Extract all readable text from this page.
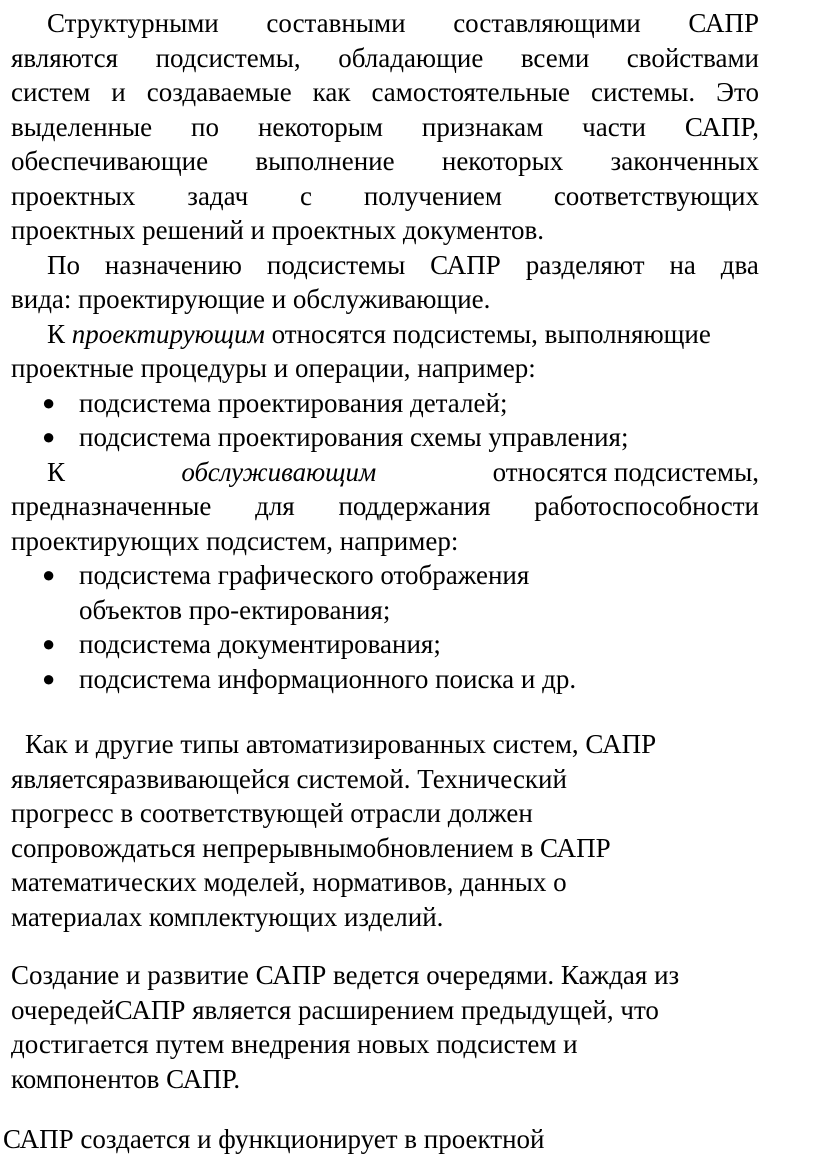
Структурными составными составляющими САПР
являются подсистемы, обладающие всеми свойствами
систем и создаваемые как самостоятельные системы. Это
выделенные по некоторым признакам части САПР,
обеспечивающие выполнение некоторых законченных
проектных задач с получением соответствующих
проектных решений и проектных документов.
По назначению подсистемы САПР разделяют на два
вида: проектирующие и обслуживающие.
К проектирующим относятся подсистемы, выполняющие
проектные процедуры и операции, например:
● подсистема проектирования деталей;
● подсистема проектирования схемы управления;
К	обслуживающим	относятся подсистемы,
предназначенные для поддержания работоспособности
проектирующих подсистем, например:
● подсистема графического отображения
объектов про-ектирования;
● подсистема документирования;
● подсистема информационного поиска и др.
Как и другие типы автоматизированных систем, САПР
являетсяразвивающейся системой. Технический
прогресс в соответствующей отрасли должен
сопровождаться непрерывнымобновлением в САПР
математических моделей, нормативов, данных о
материалах комплектующих изделий.
Создание и развитие САПР ведется очередями. Каждая из
очередейСАПР является расширением предыдущей, что
достигается путем внедрения новых подсистем и
компонентов САПР.
САПР создается и функционирует в проектной
